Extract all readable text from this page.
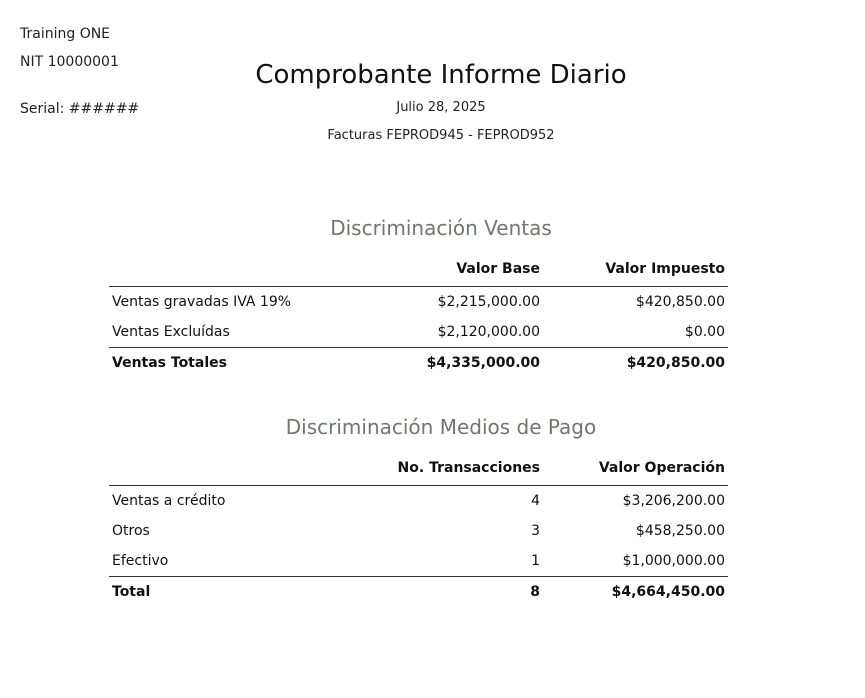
Training ONE
NIT 10000001
Serial: ######
Comprobante Informe Diario
Julio 28, 2025
Facturas FEPROD945 - FEPROD952
Discriminación Ventas
	Valor Base	Valor Impuesto
Ventas gravadas IVA 19%	$2,215,000.00	$420,850.00
Ventas Excluídas	$2,120,000.00	$0.00
Ventas Totales	$4,335,000.00	$420,850.00
Discriminación Medios de Pago
	No. Transacciones	Valor Operación
Ventas a crédito	4	$3,206,200.00
Otros	3	$458,250.00
Efectivo	1	$1,000,000.00
Total	8	$4,664,450.00
